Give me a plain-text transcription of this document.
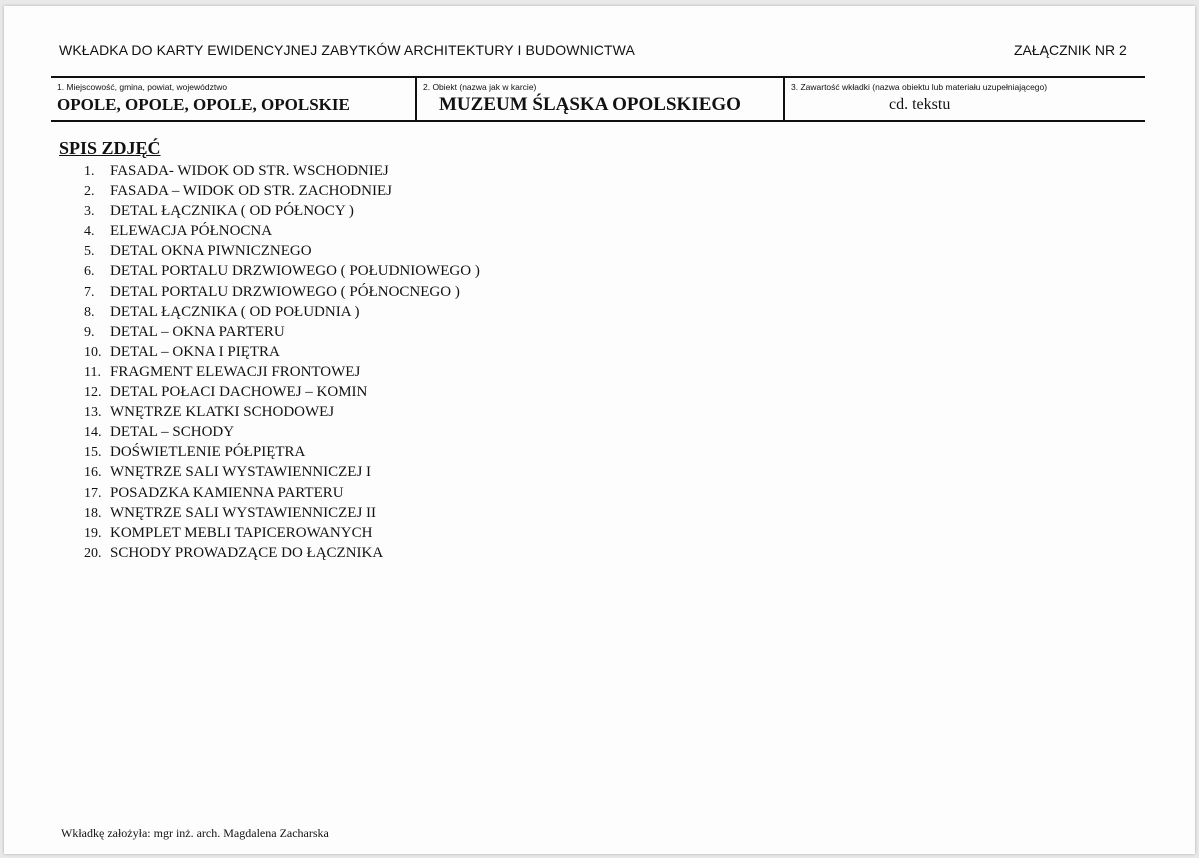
WKŁADKA DO KARTY EWIDENCYJNEJ ZABYTKÓW ARCHITEKTURY I BUDOWNICTWA	ZAŁĄCZNIK NR 2
1. Miejscowość, gmina, powiat, województwo
OPOLE, OPOLE, OPOLE, OPOLSKIE
2. Obiekt (nazwa jak w karcie)
MUZEUM ŚLĄSKA OPOLSKIEGO
3. Zawartość wkładki (nazwa obiektu lub materiału uzupełniającego)
cd. tekstu
SPIS ZDJĘĆ
1. FASADA- WIDOK OD STR. WSCHODNIEJ
2. FASADA – WIDOK OD STR. ZACHODNIEJ
3. DETAL ŁĄCZNIKA ( OD PÓŁNOCY )
4. ELEWACJA PÓŁNOCNA
5. DETAL OKNA PIWNICZNEGO
6. DETAL PORTALU DRZWIOWEGO ( POŁUDNIOWEGO )
7. DETAL PORTALU DRZWIOWEGO ( PÓŁNOCNEGO )
8. DETAL ŁĄCZNIKA ( OD POŁUDNIA )
9. DETAL – OKNA PARTERU
10. DETAL – OKNA I PIĘTRA
11. FRAGMENT ELEWACJI FRONTOWEJ
12. DETAL POŁACI DACHOWEJ – KOMIN
13. WNĘTRZE KLATKI SCHODOWEJ
14. DETAL – SCHODY
15. DOŚWIETLENIE PÓŁPIĘTRA
16. WNĘTRZE SALI WYSTAWIENNICZEJ I
17. POSADZKA KAMIENNA PARTERU
18. WNĘTRZE SALI WYSTAWIENNICZEJ II
19. KOMPLET MEBLI TAPICEROWANYCH
20. SCHODY PROWADZĄCE DO ŁĄCZNIKA
Wkładkę założyła: mgr inż. arch. Magdalena Zacharska
